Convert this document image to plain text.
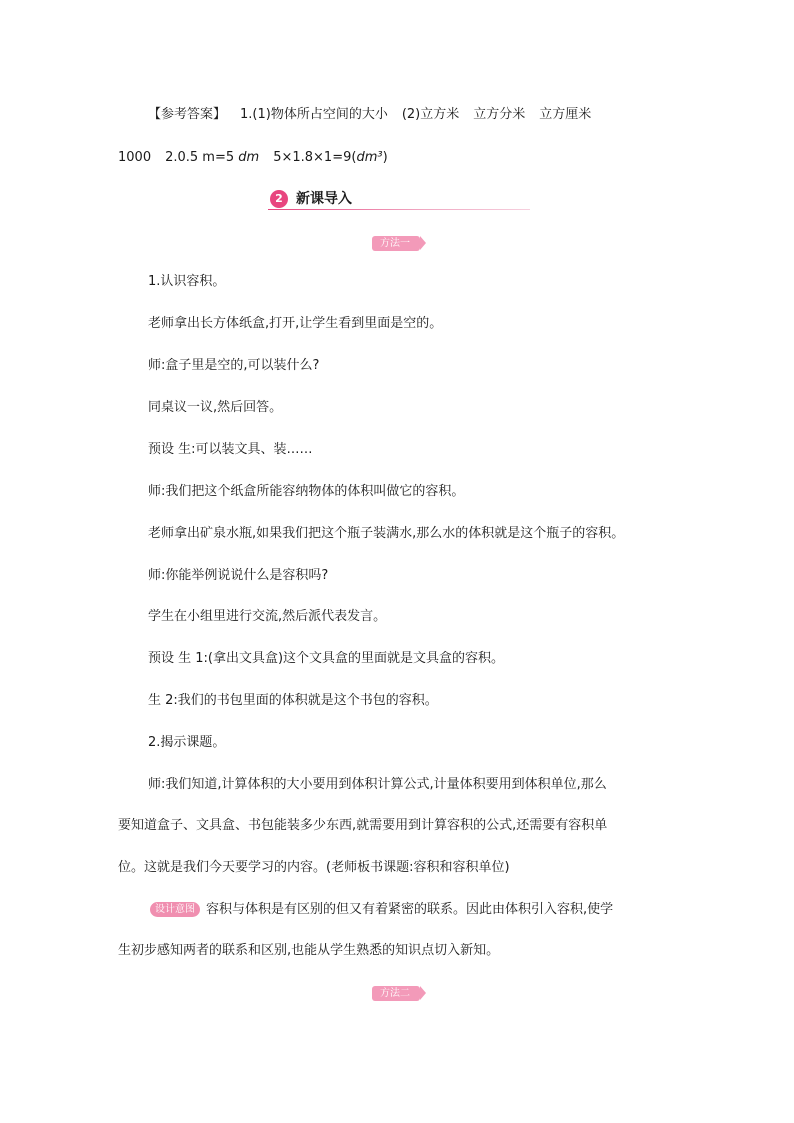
【参考答案】 1.(1)物体所占空间的大小 (2)立方米 立方分米 立方厘米
1000 2.0.5 m=5 dm 5×1.8×1=9(dm³)
2 新课导入
方法一
1.认识容积。
老师拿出长方体纸盒,打开,让学生看到里面是空的。
师:盒子里是空的,可以装什么?
同桌议一议,然后回答。
预设 生:可以装文具、装……
师:我们把这个纸盒所能容纳物体的体积叫做它的容积。
老师拿出矿泉水瓶,如果我们把这个瓶子装满水,那么水的体积就是这个瓶子的容积。
师:你能举例说说什么是容积吗?
学生在小组里进行交流,然后派代表发言。
预设 生 1:(拿出文具盒)这个文具盒的里面就是文具盒的容积。
生 2:我们的书包里面的体积就是这个书包的容积。
2.揭示课题。
师:我们知道,计算体积的大小要用到体积计算公式,计量体积要用到体积单位,那么
要知道盒子、文具盒、书包能装多少东西,就需要用到计算容积的公式,还需要有容积单
位。这就是我们今天要学习的内容。(老师板书课题:容积和容积单位)
设计意图 容积与体积是有区别的但又有着紧密的联系。因此由体积引入容积,使学
生初步感知两者的联系和区别,也能从学生熟悉的知识点切入新知。
方法二
